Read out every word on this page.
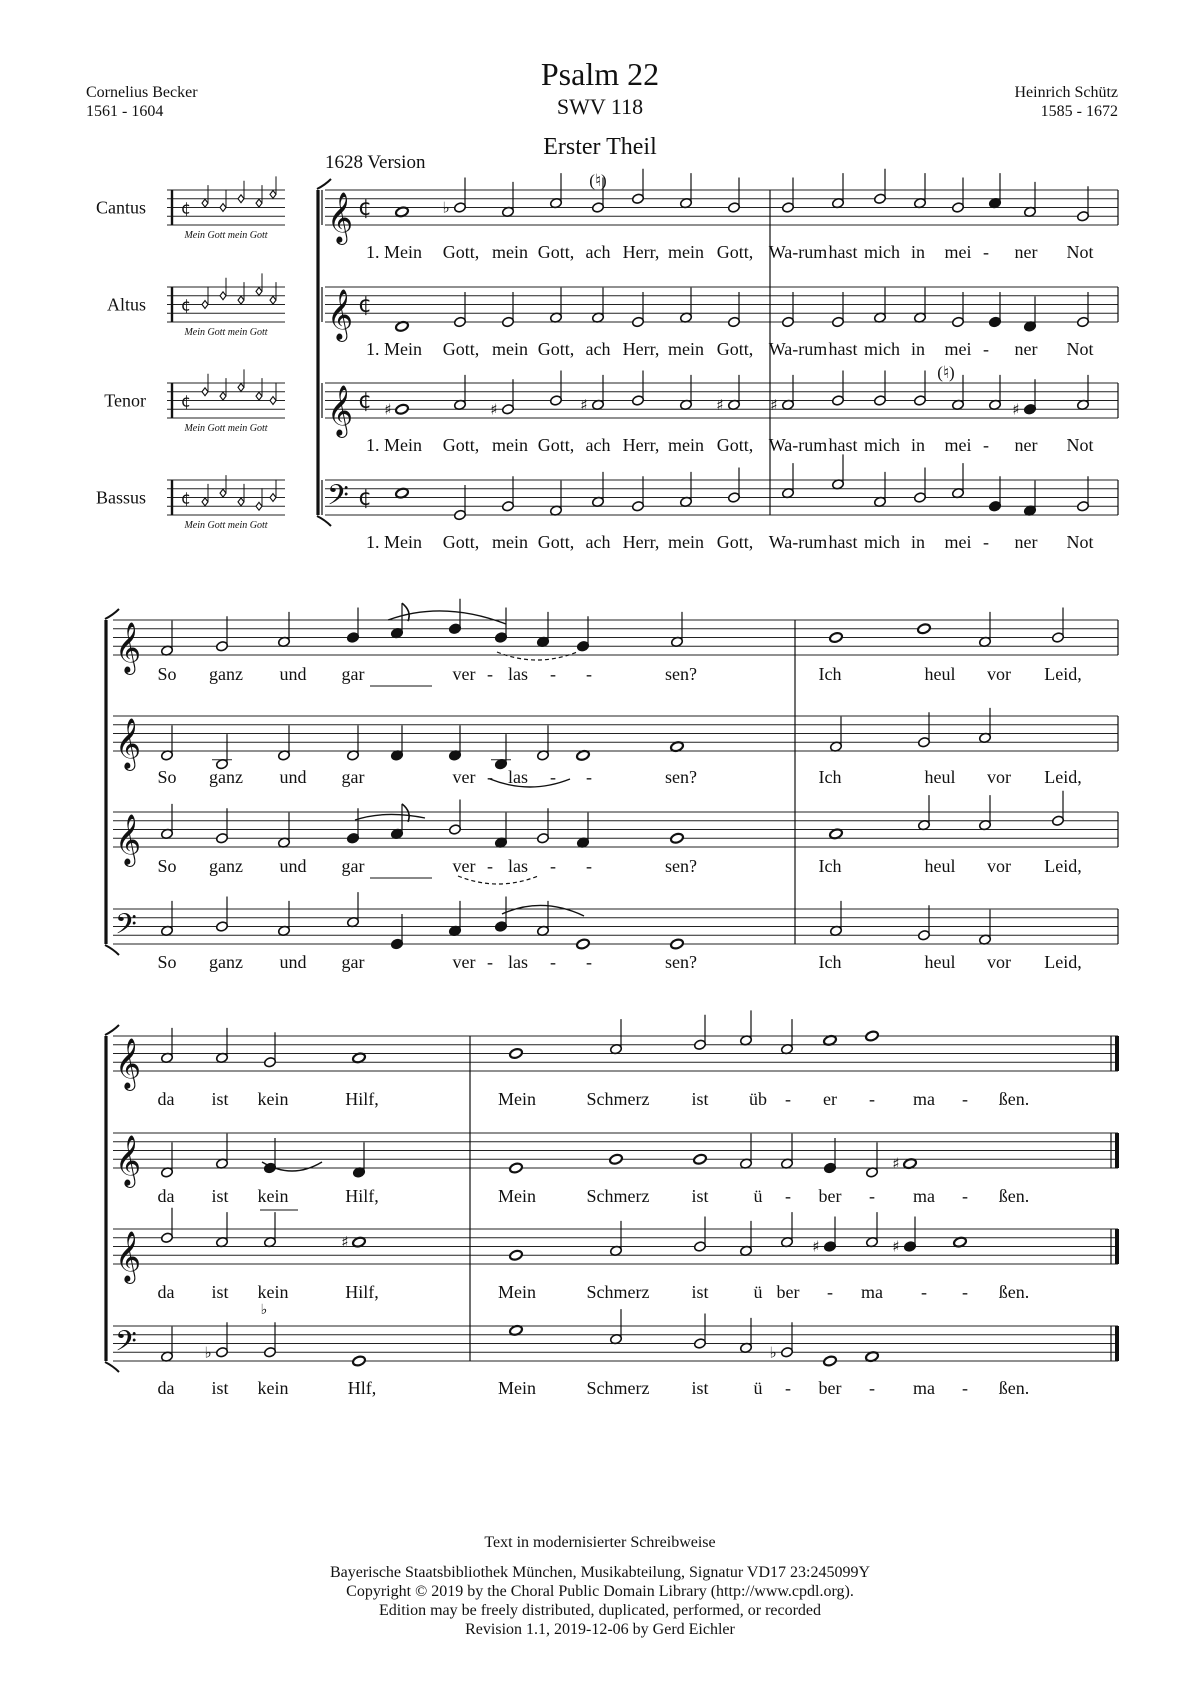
Psalm 22
SWV 118
Erster Theil
Cornelius Becker
1561 - 1604
Heinrich Schütz
1585 - 1672
1628 Version
Cantus	𝄞 ¢
Mein Gott mein Gott
¢
Altus	𝄞 ¢
Mein Gott mein Gott
¢
Tenor	𝄞 ¢
Mein Gott mein Gott
¢
Bassus	𝄢 ¢
Mein Gott mein Gott
¢
♭
1. Mein Gott, mein Gott, ach Herr, mein Gott, Wa-rum hast mich in mei - ner Not
1. Mein Gott, mein Gott, ach Herr, mein Gott, Wa-rum hast mich in mei - ner Not
♯	♯	♯	♯	♯	♯
1. Mein Gott, mein Gott, ach Herr, mein Gott, Wa-rum hast mich in mei - ner Not
1. Mein Gott, mein Gott, ach Herr, mein Gott, Wa-rum hast mich in mei - ner Not
(♮)
(♮)
𝄞
𝄞
𝄞
𝄢
So ganz und gar	ver - las - -	sen?	Ich	heul vor Leid,
So ganz und gar	ver - las - -	sen?	Ich	heul vor Leid,
So ganz und gar	ver - las - -	sen?	Ich	heul vor Leid,
So ganz und gar	ver - las - -	sen?	Ich	heul vor Leid,
𝄞
𝄞
𝄞
𝄢
da ist kein	Hilf,	Mein	Schmerz ist üb - er - ma - ßen.
♯
da ist kein	Hilf,	Mein	Schmerz ist ü - ber - ma - ßen.
♯	♯	♯
da ist kein	Hilf,	Mein	Schmerz ist ü ber - ma - - ßen.
♭	♭
da ist kein	Hlf,	Mein	Schmerz ist ü - ber - ma - ßen.
♭
Text in modernisierter Schreibweise
Bayerische Staatsbibliothek München, Musikabteilung, Signatur VD17 23:245099Y
Copyright © 2019 by the Choral Public Domain Library (http://www.cpdl.org).
Edition may be freely distributed, duplicated, performed, or recorded
Revision 1.1, 2019-12-06 by Gerd Eichler
